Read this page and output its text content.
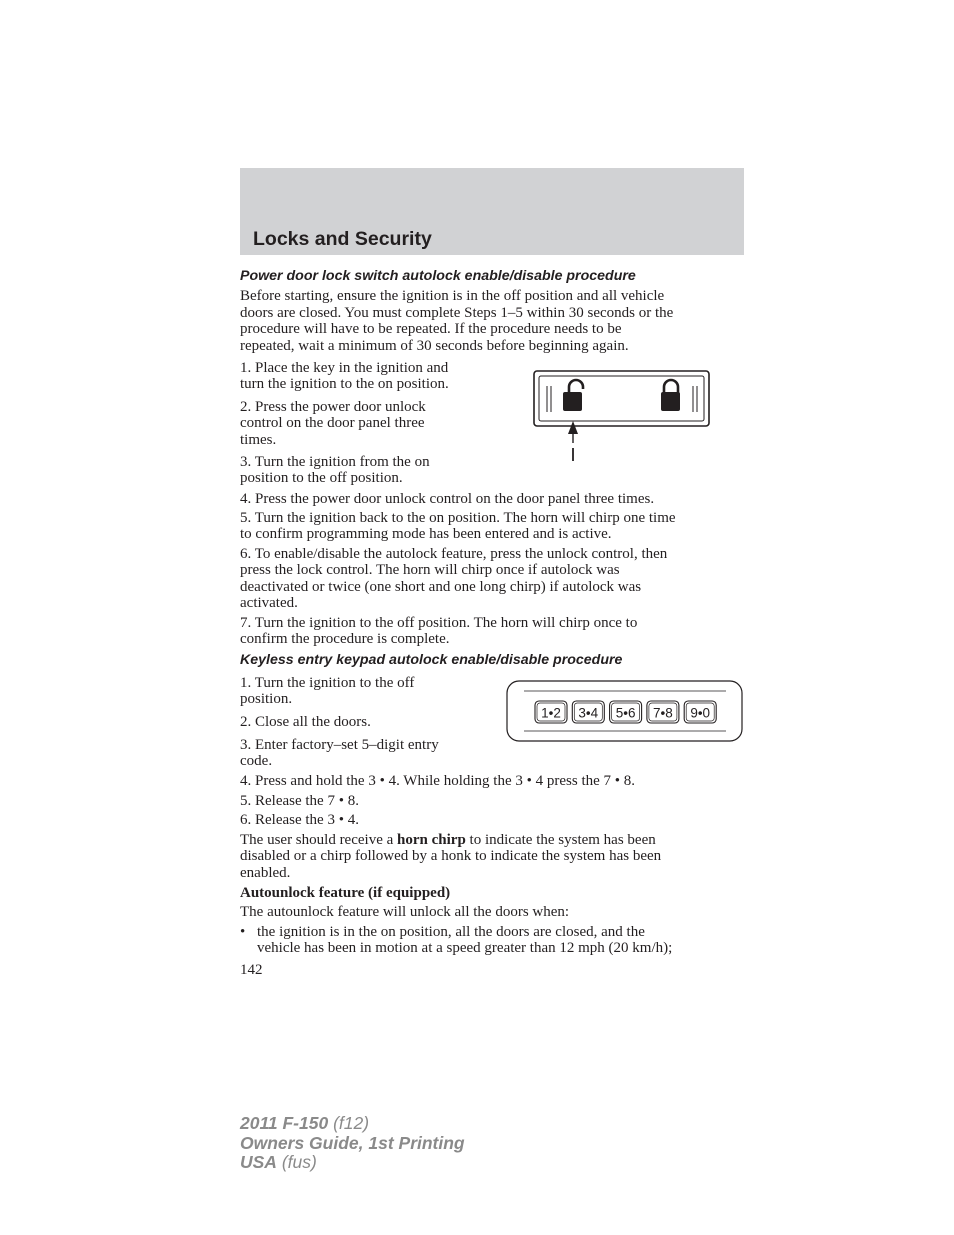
Locks and Security
Power door lock switch autolock enable/disable procedure

Before starting, ensure the ignition is in the off position and all vehicle

doors are closed. You must complete Steps 1–5 within 30 seconds or the

procedure will have to be repeated. If the procedure needs to be

repeated, wait a minimum of 30 seconds before beginning again.

1. Place the key in the ignition and

turn the ignition to the on position.

2. Press the power door unlock

control on the door panel three

times.

3. Turn the ignition from the on

position to the off position.

4. Press the power door unlock control on the door panel three times.

5. Turn the ignition back to the on position. The horn will chirp one time

to confirm programming mode has been entered and is active.

6. To enable/disable the autolock feature, press the unlock control, then

press the lock control. The horn will chirp once if autolock was

deactivated or twice (one short and one long chirp) if autolock was

activated.

7. Turn the ignition to the off position. The horn will chirp once to

confirm the procedure is complete.

Keyless entry keypad autolock enable/disable procedure

1. Turn the ignition to the off

position.

2. Close all the doors.

3. Enter factory–set 5–digit entry

code.

4. Press and hold the 3 • 4. While holding the 3 • 4 press the 7 • 8.

5. Release the 7 • 8.

6. Release the 3 • 4.

The user should receive a horn chirp to indicate the system has been

disabled or a chirp followed by a honk to indicate the system has been

enabled.

1•2 3•4 5•6 7•8 9•0

Autounlock feature (if equipped)

The autounlock feature will unlock all the doors when:

• the ignition is in the on position, all the doors are closed, and the

vehicle has been in motion at a speed greater than 12 mph (20 km/h);

142

2011 F-150 (f12)
Owners Guide, 1st Printing
USA (fus)
